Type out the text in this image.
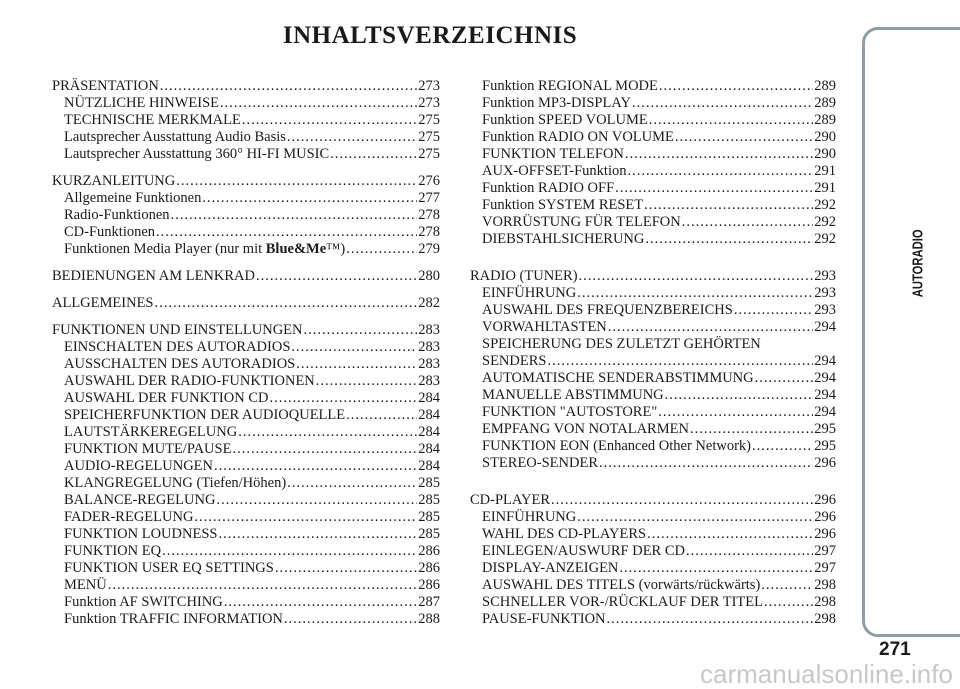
INHALTSVERZEICHNIS
PRÄSENTATION .....	273
NÜTZLICHE HINWEISE .....	273
TECHNISCHE MERKMALE .....	275
Lautsprecher Ausstattung Audio Basis .....	275
Lautsprecher Ausstattung 360° HI-FI MUSIC .....	275
KURZANLEITUNG .....	276
Allgemeine Funktionen .....	277
Radio-Funktionen .....	278
CD-Funktionen .....	278
Funktionen Media Player (nur mit Blue&Me™) .....	279
BEDIENUNGEN AM LENKRAD .....	280
ALLGEMEINES .....	282
FUNKTIONEN UND EINSTELLUNGEN .....	283
EINSCHALTEN DES AUTORADIOS .....	283
AUSSCHALTEN DES AUTORADIOS .....	283
AUSWAHL DER RADIO-FUNKTIONEN .....	283
AUSWAHL DER FUNKTION CD .....	284
SPEICHERFUNKTION DER AUDIOQUELLE .....	284
LAUTSTÄRKEREGELUNG .....	284
FUNKTION MUTE/PAUSE .....	284
AUDIO-REGELUNGEN .....	284
KLANGREGELUNG (Tiefen/Höhen) .....	285
BALANCE-REGELUNG .....	285
FADER-REGELUNG .....	285
FUNKTION LOUDNESS .....	285
FUNKTION EQ .....	286
FUNKTION USER EQ SETTINGS .....	286
MENÜ .....	286
Funktion AF SWITCHING .....	287
Funktion TRAFFIC INFORMATION .....	288
Funktion REGIONAL MODE .....	289
Funktion MP3-DISPLAY .....	289
Funktion SPEED VOLUME .....	289
Funktion RADIO ON VOLUME .....	290
FUNKTION TELEFON .....	290
AUX-OFFSET-Funktion .....	291
Funktion RADIO OFF .....	291
Funktion SYSTEM RESET .....	292
VORRÜSTUNG FÜR TELEFON .....	292
DIEBSTAHLSICHERUNG .....	292
RADIO (TUNER) .....	293
EINFÜHRUNG .....	293
AUSWAHL DES FREQUENZBEREICHS .....	293
VORWAHLTASTEN .....	294
SPEICHERUNG DES ZULETZT GEHÖRTEN
SENDERS .....	294
AUTOMATISCHE SENDERABSTIMMUNG .....	294
MANUELLE ABSTIMMUNG .....	294
FUNKTION "AUTOSTORE" .....	294
EMPFANG VON NOTALARMEN .....	295
FUNKTION EON (Enhanced Other Network) .....	295
STEREO-SENDER .....	296
CD-PLAYER .....	296
EINFÜHRUNG .....	296
WAHL DES CD-PLAYERS .....	296
EINLEGEN/AUSWURF DER CD .....	297
DISPLAY-ANZEIGEN .....	297
AUSWAHL DES TITELS (vorwärts/rückwärts) .....	298
SCHNELLER VOR-/RÜCKLAUF DER TITEL .....	298
PAUSE-FUNKTION .....	298
AUTORADIO
271
carmanualsonline.info
